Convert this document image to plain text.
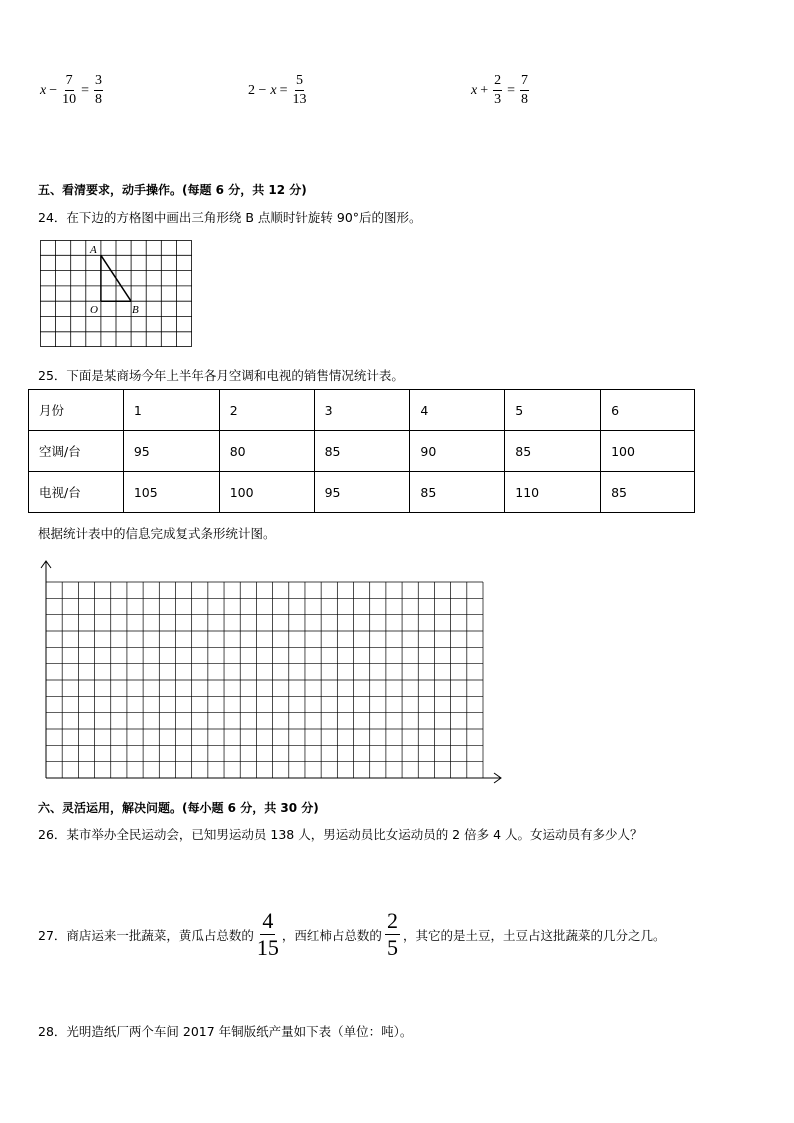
$x - \frac{7}{10} = \frac{3}{8}$	$2 - x = \frac{5}{13}$	$x + \frac{2}{3} = \frac{7}{8}$
五、看清要求，动手操作。(每题 6 分，共 12 分)
24．在下边的方格图中画出三角形绕 B 点顺时针旋转 90°后的图形。
A
O	B
25．下面是某商场今年上半年各月空调和电视的销售情况统计表。
月份	1	2	3	4	5	6
空调/台	95	80	85	90	85	100
电视/台	105	100	95	85	110	85
根据统计表中的信息完成复式条形统计图。
六、灵活运用，解决问题。(每小题 6 分，共 30 分)
26．某市举办全民运动会，已知男运动员 138 人，男运动员比女运动员的 2 倍多 4 人。女运动员有多少人？
27．商店运来一批蔬菜，黄瓜占总数的 $\frac{4}{15}$ ，西红柿占总数的 $\frac{2}{5}$ ，其它的是土豆，土豆占这批蔬菜的几分之几。
28．光明造纸厂两个车间 2017 年铜版纸产量如下表（单位：吨）。
